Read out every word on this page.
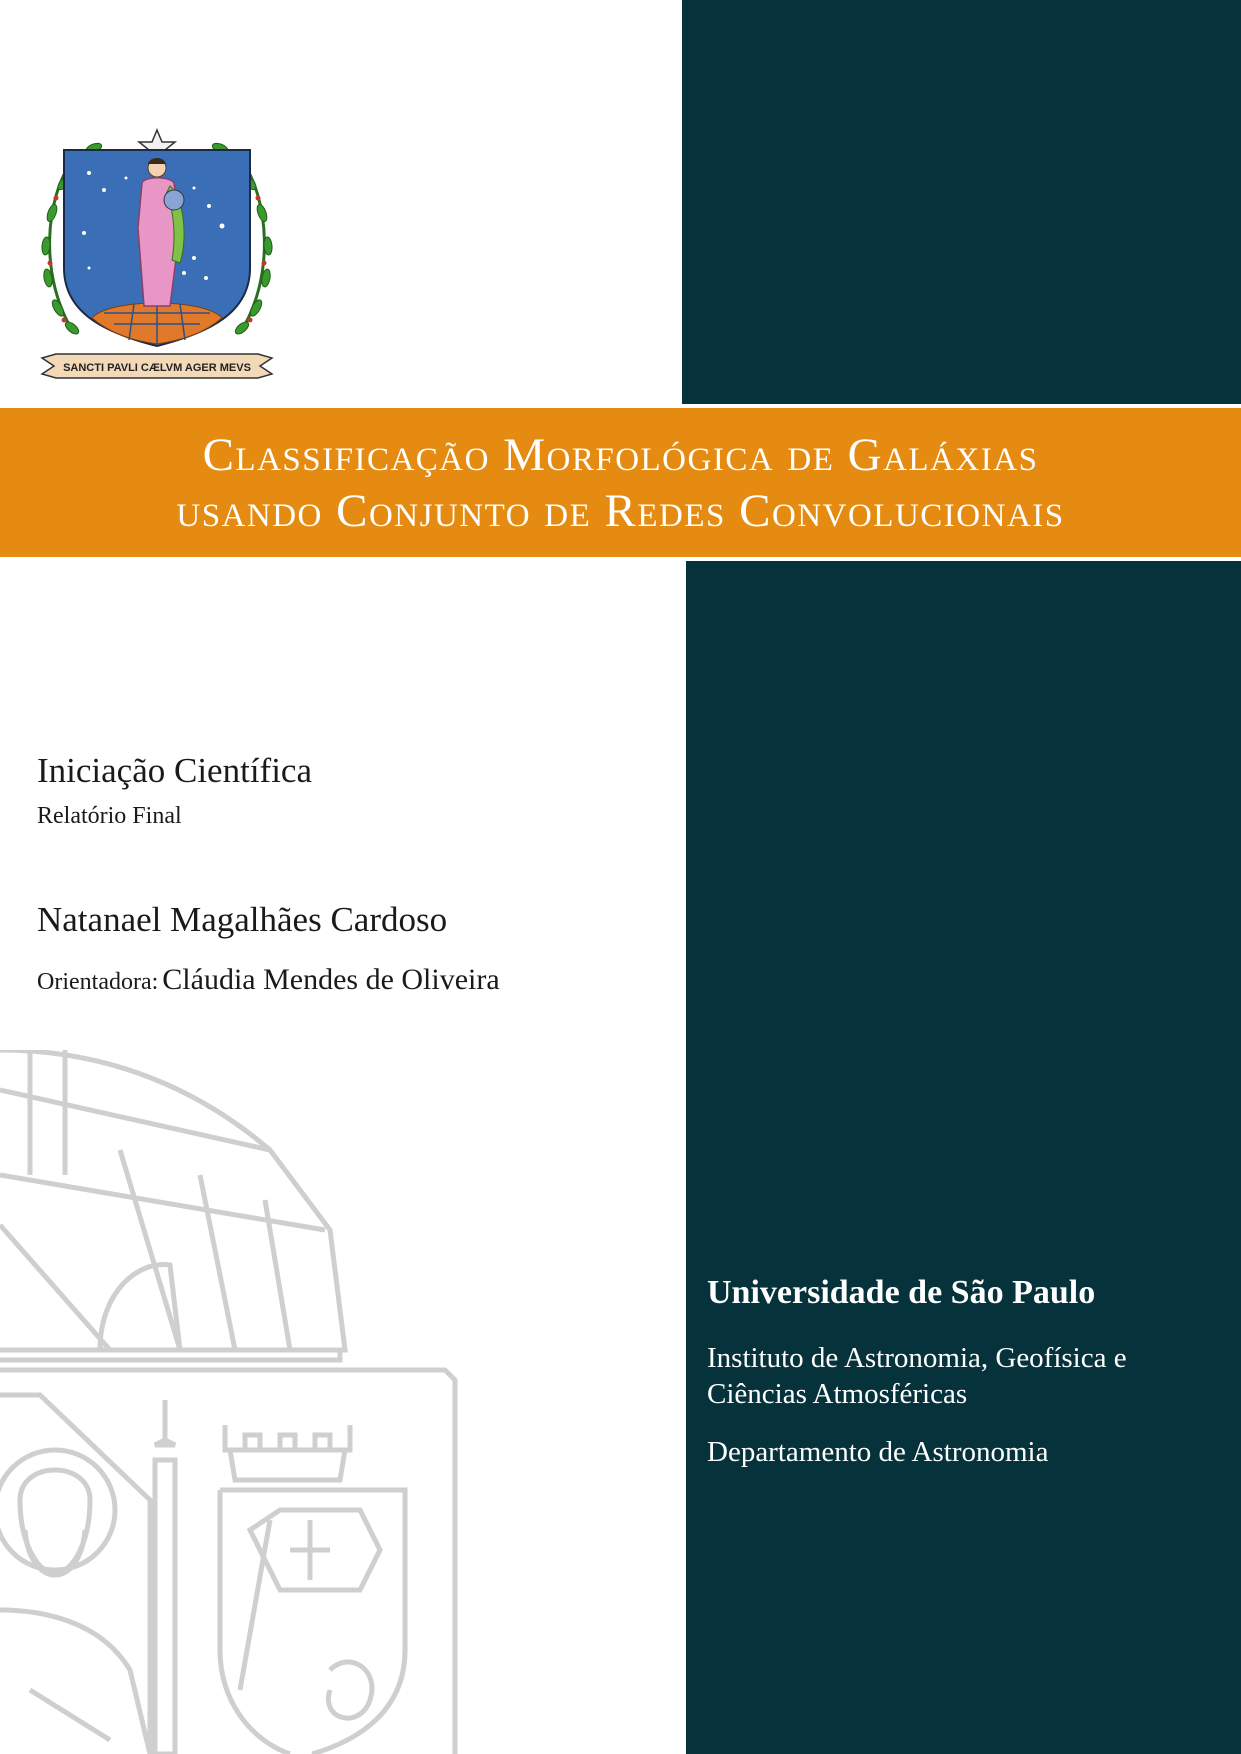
SANCTI PAVLI CÆLVM AGER MEVS
Classificação Morfológica de Galáxias
usando Conjunto de Redes Convolucionais
Iniciação Científica
Relatório Final
Natanael Magalhães Cardoso
Orientadora: Cláudia Mendes de Oliveira
Universidade de São Paulo
Instituto de Astronomia, Geofísica e Ciências Atmosféricas
Departamento de Astronomia
